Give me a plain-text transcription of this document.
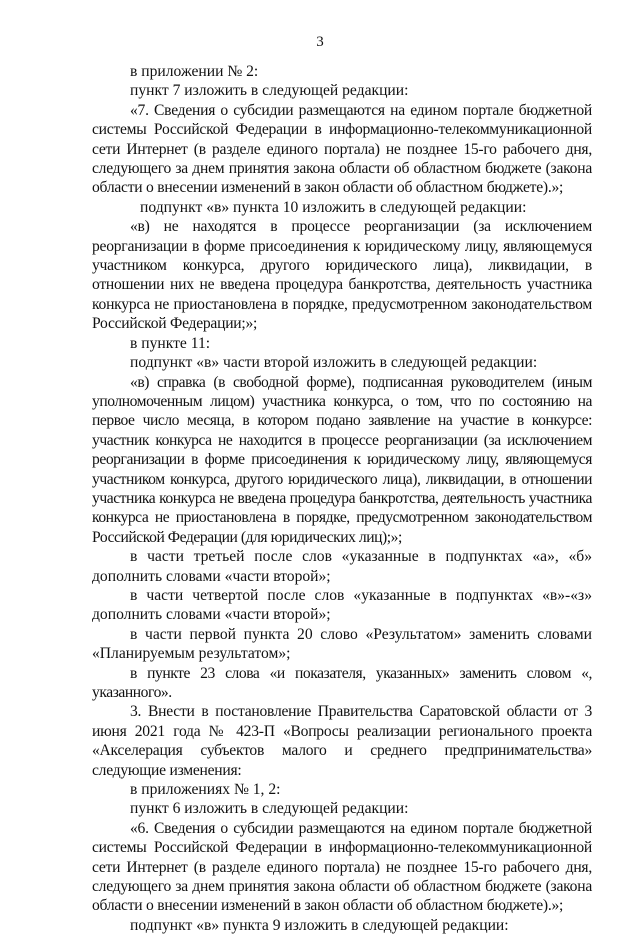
3

в приложении № 2:

пункт 7 изложить в следующей редакции:

«7. Сведения о субсидии размещаются на едином портале бюджетной системы Российской Федерации в информационно-телекоммуникационной сети Интернет (в разделе единого портала) не позднее 15-го рабочего дня, следующего за днем принятия закона области об областном бюджете (закона области о внесении изменений в закон области об областном бюджете).»;

подпункт «в» пункта 10 изложить в следующей редакции:

«в) не находятся в процессе реорганизации (за исключением реорганизации в форме присоединения к юридическому лицу, являющемуся участником конкурса, другого юридического лица), ликвидации, в отношении них не введена процедура банкротства, деятельность участника конкурса не приостановлена в порядке, предусмотренном законодательством Российской Федерации;»;

в пункте 11:

подпункт «в» части второй изложить в следующей редакции:

«в) справка (в свободной форме), подписанная руководителем (иным уполномоченным лицом) участника конкурса, о том, что по состоянию на первое число месяца, в котором подано заявление на участие в конкурсе: участник конкурса не находится в процессе реорганизации (за исключением реорганизации в форме присоединения к юридическому лицу, являющемуся участником конкурса, другого юридического лица), ликвидации, в отношении участника конкурса не введена процедура банкротства, деятельность участника конкурса не приостановлена в порядке, предусмотренном законодательством Российской Федерации (для юридических лиц);»;

в части третьей после слов «указанные в подпунктах «а», «б» дополнить словами «части второй»;

в части четвертой после слов «указанные в подпунктах «в»-«з» дополнить словами «части второй»;

в части первой пункта 20 слово «Результатом» заменить словами «Планируемым результатом»;

в пункте 23 слова «и показателя, указанных» заменить словом «, указанного».

3. Внести в постановление Правительства Саратовской области от 3 июня 2021 года № 423-П «Вопросы реализации регионального проекта «Акселерация субъектов малого и среднего предпринимательства» следующие изменения:

в приложениях № 1, 2:

пункт 6 изложить в следующей редакции:

«6. Сведения о субсидии размещаются на едином портале бюджетной системы Российской Федерации в информационно-телекоммуникационной сети Интернет (в разделе единого портала) не позднее 15-го рабочего дня, следующего за днем принятия закона области об областном бюджете (закона области о внесении изменений в закон области об областном бюджете).»;

подпункт «в» пункта 9 изложить в следующей редакции:
